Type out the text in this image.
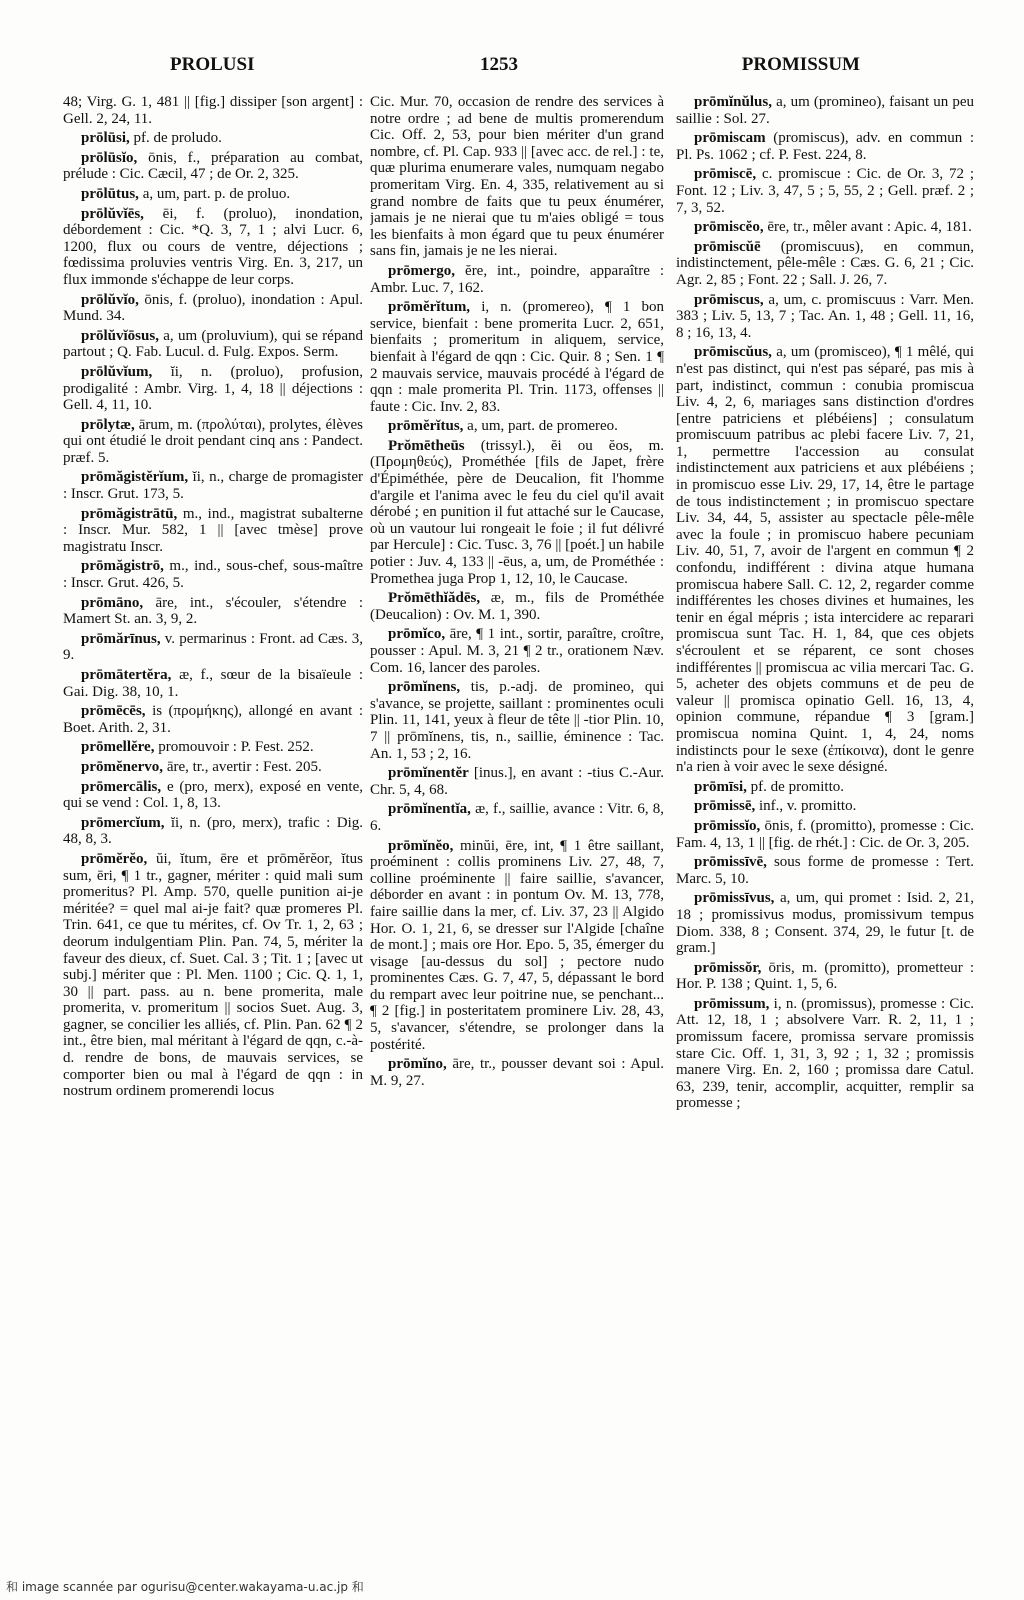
PROLUSI	1253	PROMISSUM

48; Virg. G. 1, 481 || [fig.] dissiper [son argent] : Gell. 2, 24, 11.

prōlūsi, pf. de proludo.

prōlūsĭo, ōnis, f., préparation au combat, prélude : Cic. Cæcil, 47 ; de Or. 2, 325.

prōlūtus, a, um, part. p. de proluo.

prōlŭvĭēs, ēi, f. (proluo), inondation, débordement : Cic. *Q. 3, 7, 1 ; alvi Lucr. 6, 1200, flux ou cours de ventre, déjections ; fœdissima proluvies ventris Virg. En. 3, 217, un flux immonde s'échappe de leur corps.

prōlŭvĭo, ōnis, f. (proluo), inondation : Apul. Mund. 34.

prōlŭvĭōsus, a, um (proluvium), qui se répand partout ; Q. Fab. Lucul. d. Fulg. Expos. Serm.

prōlŭvĭum, ĭi, n. (proluo), profusion, prodigalité : Ambr. Virg. 1, 4, 18 || déjections : Gell. 4, 11, 10.

prōlytæ, ārum, m. (προλύται), prolytes, élèves qui ont étudié le droit pendant cinq ans : Pandect. præf. 5.

prōmăgistĕrĭum, ĭi, n., charge de promagister : Inscr. Grut. 173, 5.

prōmăgistrātū, m., ind., magistrat subalterne : Inscr. Mur. 582, 1 || [avec tmèse] prove magistratu Inscr.

prōmăgistrō, m., ind., sous-chef, sous-maître : Inscr. Grut. 426, 5.

prōmāno, āre, int., s'écouler, s'étendre : Mamert St. an. 3, 9, 2.

prōmărīnus, v. permarinus : Front. ad Cæs. 3, 9.

prōmātertĕra, æ, f., sœur de la bisaïeule : Gai. Dig. 38, 10, 1.

prōmēcēs, is (προμήκης), allongé en avant : Boet. Arith. 2, 31.

prōmellĕre, promouvoir : P. Fest. 252.

prōmĕnervo, āre, tr., avertir : Fest. 205.

prōmercālis, e (pro, merx), exposé en vente, qui se vend : Col. 1, 8, 13.

prōmercĭum, ĭi, n. (pro, merx), trafic : Dig. 48, 8, 3.

prōmĕrĕo, ŭi, ĭtum, ēre et prōmĕrĕor, ĭtus sum, ēri, ¶ 1 tr., gagner, mériter : quid mali sum promeritus? Pl. Amp. 570, quelle punition ai-je méritée? = quel mal ai-je fait? quæ promeres Pl. Trin. 641, ce que tu mérites, cf. Ov Tr. 1, 2, 63 ; deorum indulgentiam Plin. Pan. 74, 5, mériter la faveur des dieux, cf. Suet. Cal. 3 ; Tit. 1 ; [avec ut subj.] mériter que : Pl. Men. 1100 ; Cic. Q. 1, 1, 30 || part. pass. au n. bene promerita, male promerita, v. promeritum || socios Suet. Aug. 3, gagner, se concilier les alliés, cf. Plin. Pan. 62 ¶ 2 int., être bien, mal méritant à l'égard de qqn, c.-à-d. rendre de bons, de mauvais services, se comporter bien ou mal à l'égard de qqn : in nostrum ordinem promerendi locus

Cic. Mur. 70, occasion de rendre des services à notre ordre ; ad bene de multis promerendum Cic. Off. 2, 53, pour bien mériter d'un grand nombre, cf. Pl. Cap. 933 || [avec acc. de rel.] : te, quæ plurima enumerare vales, numquam negabo promeritam Virg. En. 4, 335, relativement au si grand nombre de faits que tu peux énumérer, jamais je ne nierai que tu m'aies obligé = tous les bienfaits à mon égard que tu peux énumérer sans fin, jamais je ne les nierai.

prōmergo, ĕre, int., poindre, apparaître : Ambr. Luc. 7, 162.

prōmĕrĭtum, i, n. (promereo), ¶ 1 bon service, bienfait : bene promerita Lucr. 2, 651, bienfaits ; promeritum in aliquem, service, bienfait à l'égard de qqn : Cic. Quir. 8 ; Sen. 1 ¶ 2 mauvais service, mauvais procédé à l'égard de qqn : male promerita Pl. Trin. 1173, offenses || faute : Cic. Inv. 2, 83.

prōmĕrĭtus, a, um, part. de promereo.

Prŏmētheūs (trissyl.), ĕi ou ĕos, m. (Προμηθεύς), Prométhée [fils de Japet, frère d'Épiméthée, père de Deucalion, fit l'homme d'argile et l'anima avec le feu du ciel qu'il avait dérobé ; en punition il fut attaché sur le Caucase, où un vautour lui rongeait le foie ; il fut délivré par Hercule] : Cic. Tusc. 3, 76 || [poét.] un habile potier : Juv. 4, 133 || -ēus, a, um, de Prométhée : Promethea juga Prop 1, 12, 10, le Caucase.

Prŏmēthĭădēs, æ, m., fils de Prométhée (Deucalion) : Ov. M. 1, 390.

prōmĭco, āre, ¶ 1 int., sortir, paraître, croître, pousser : Apul. M. 3, 21 ¶ 2 tr., orationem Næv. Com. 16, lancer des paroles.

prōmĭnens, tis, p.-adj. de promineo, qui s'avance, se projette, saillant : prominentes oculi Plin. 11, 141, yeux à fleur de tête || -tior Plin. 10, 7 || prōmĭnens, tis, n., saillie, éminence : Tac. An. 1, 53 ; 2, 16.

prōmĭnentĕr [inus.], en avant : -tius C.-Aur. Chr. 5, 4, 68.

prōmĭnentĭa, æ, f., saillie, avance : Vitr. 6, 8, 6.

prōmĭnĕo, minŭi, ēre, int, ¶ 1 être saillant, proéminent : collis prominens Liv. 27, 48, 7, colline proéminente || faire saillie, s'avancer, déborder en avant : in pontum Ov. M. 13, 778, faire saillie dans la mer, cf. Liv. 37, 23 || Algido Hor. O. 1, 21, 6, se dresser sur l'Algide [chaîne de mont.] ; mais ore Hor. Epo. 5, 35, émerger du visage [au-dessus du sol] ; pectore nudo prominentes Cæs. G. 7, 47, 5, dépassant le bord du rempart avec leur poitrine nue, se penchant... ¶ 2 [fig.] in posteritatem prominere Liv. 28, 43, 5, s'avancer, s'étendre, se prolonger dans la postérité.

prōmĭno, āre, tr., pousser devant soi : Apul. M. 9, 27.

prōmĭnŭlus, a, um (promineo), faisant un peu saillie : Sol. 27.

prōmiscam (promiscus), adv. en commun : Pl. Ps. 1062 ; cf. P. Fest. 224, 8.

prōmiscē, c. promiscue : Cic. de Or. 3, 72 ; Font. 12 ; Liv. 3, 47, 5 ; 5, 55, 2 ; Gell. præf. 2 ; 7, 3, 52.

prōmiscĕo, ēre, tr., mêler avant : Apic. 4, 181.

prōmiscŭē (promiscuus), en commun, indistinctement, pêle-mêle : Cæs. G. 6, 21 ; Cic. Agr. 2, 85 ; Font. 22 ; Sall. J. 26, 7.

prōmiscus, a, um, c. promiscuus : Varr. Men. 383 ; Liv. 5, 13, 7 ; Tac. An. 1, 48 ; Gell. 11, 16, 8 ; 16, 13, 4.

prōmiscŭus, a, um (promisceo), ¶ 1 mêlé, qui n'est pas distinct, qui n'est pas séparé, pas mis à part, indistinct, commun : conubia promiscua Liv. 4, 2, 6, mariages sans distinction d'ordres [entre patriciens et plébéiens] ; consulatum promiscuum patribus ac plebi facere Liv. 7, 21, 1, permettre l'accession au consulat indistinctement aux patriciens et aux plébéiens ; in promiscuo esse Liv. 29, 17, 14, être le partage de tous indistinctement ; in promiscuo spectare Liv. 34, 44, 5, assister au spectacle pêle-mêle avec la foule ; in promiscuo habere pecuniam Liv. 40, 51, 7, avoir de l'argent en commun ¶ 2 confondu, indifférent : divina atque humana promiscua habere Sall. C. 12, 2, regarder comme indifférentes les choses divines et humaines, les tenir en égal mépris ; ista intercidere ac reparari promiscua sunt Tac. H. 1, 84, que ces objets s'écroulent et se réparent, ce sont choses indifférentes || promiscua ac vilia mercari Tac. G. 5, acheter des objets communs et de peu de valeur || promisca opinatio Gell. 16, 13, 4, opinion commune, répandue ¶ 3 [gram.] promiscua nomina Quint. 1, 4, 24, noms indistincts pour le sexe (ἐπίκοινα), dont le genre n'a rien à voir avec le sexe désigné.

prōmīsi, pf. de promitto.

prōmissē, inf., v. promitto.

prōmissĭo, ōnis, f. (promitto), promesse : Cic. Fam. 4, 13, 1 || [fig. de rhét.] : Cic. de Or. 3, 205.

prōmissīvē, sous forme de promesse : Tert. Marc. 5, 10.

prōmissīvus, a, um, qui promet : Isid. 2, 21, 18 ; promissivus modus, promissivum tempus Diom. 338, 8 ; Consent. 374, 29, le futur [t. de gram.]

prōmissŏr, ōris, m. (promitto), prometteur : Hor. P. 138 ; Quint. 1, 5, 6.

prōmissum, i, n. (promissus), promesse : Cic. Att. 12, 18, 1 ; absolvere Varr. R. 2, 11, 1 ; promissum facere, promissa servare promissis stare Cic. Off. 1, 31, 3, 92 ; 1, 32 ; promissis manere Virg. En. 2, 160 ; promissa dare Catul. 63, 239, tenir, accomplir, acquitter, remplir sa promesse ;

和 image scannée par ogurisu@center.wakayama-u.ac.jp 和
